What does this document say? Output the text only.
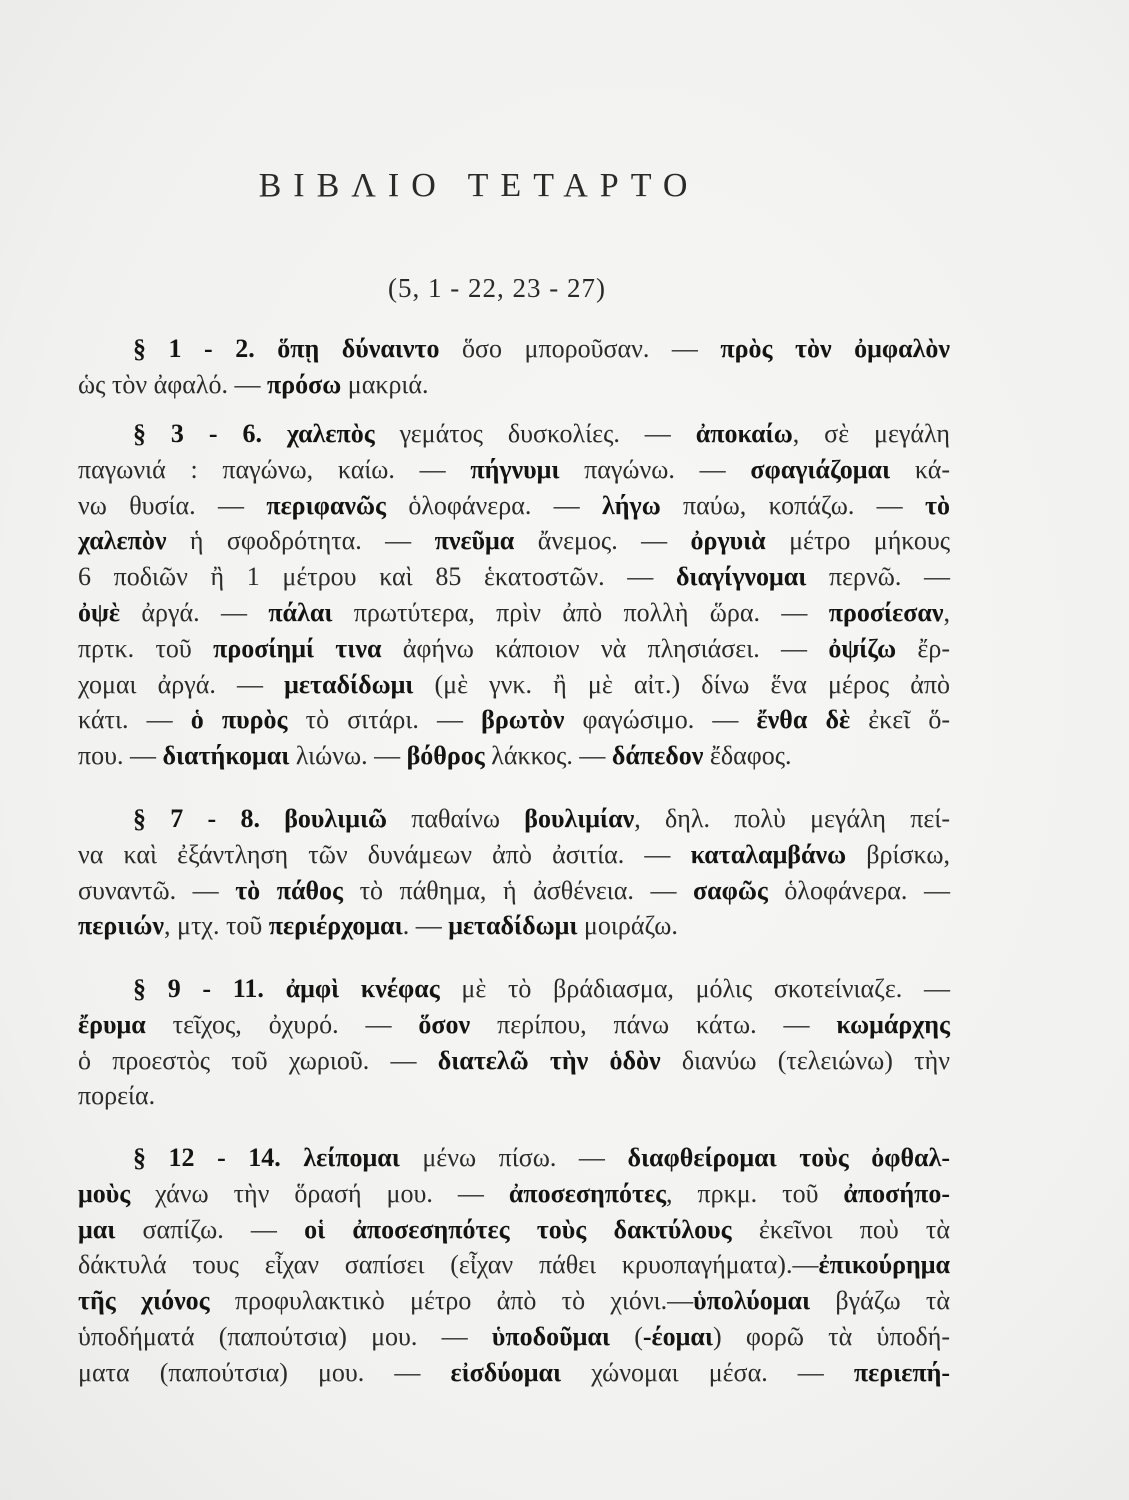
ΒΙΒΛΙΟ ΤΕΤΑΡΤΟ
(5, 1 - 22, 23 - 27)
§ 1 - 2. ὅπῃ δύναιντο ὅσο μποροῦσαν. — πρὸς τὸν ὀμφαλὸν
ὡς τὸν ἀφαλό. — πρόσω μακριά.
§ 3 - 6. χαλεπὸς γεμάτος δυσκολίες. — ἀποκαίω, σὲ μεγάλη
παγωνιά : παγώνω, καίω. — πήγνυμι παγώνω. — σφαγιάζομαι κά-
νω θυσία. — περιφανῶς ὁλοφάνερα. — λήγω παύω, κοπάζω. — τὸ
χαλεπὸν ἡ σφοδρότητα. — πνεῦμα ἄνεμος. — ὀργυιὰ μέτρο μήκους
6 ποδιῶν ἢ 1 μέτρου καὶ 85 ἑκατοστῶν. — διαγίγνομαι περνῶ. —
ὀψὲ ἀργά. — πάλαι πρωτύτερα, πρὶν ἀπὸ πολλὴ ὥρα. — προσίεσαν,
πρτκ. τοῦ προσίημί τινα ἀφήνω κάποιον νὰ πλησιάσει. — ὀψίζω ἔρ-
χομαι ἀργά. — μεταδίδωμι (μὲ γνκ. ἢ μὲ αἰτ.) δίνω ἕνα μέρος ἀπὸ
κάτι. — ὁ πυρὸς τὸ σιτάρι. — βρωτὸν φαγώσιμο. — ἔνθα δὲ ἐκεῖ ὅ-
που. — διατήκομαι λιώνω. — βόθρος λάκκος. — δάπεδον ἔδαφος.
§ 7 - 8. βουλιμιῶ παθαίνω βουλιμίαν, δηλ. πολὺ μεγάλη πεί-
να καὶ ἐξάντληση τῶν δυνάμεων ἀπὸ ἀσιτία. — καταλαμβάνω βρίσκω,
συναντῶ. — τὸ πάθος τὸ πάθημα, ἡ ἀσθένεια. — σαφῶς ὁλοφάνερα. —
περιιών, μτχ. τοῦ περιέρχομαι. — μεταδίδωμι μοιράζω.
§ 9 - 11. ἀμφὶ κνέφας μὲ τὸ βράδιασμα, μόλις σκοτείνιαζε. —
ἔρυμα τεῖχος, ὀχυρό. — ὅσον περίπου, πάνω κάτω. — κωμάρχης
ὁ προεστὸς τοῦ χωριοῦ. — διατελῶ τὴν ὁδὸν διανύω (τελειώνω) τὴν
πορεία.
§ 12 - 14. λείπομαι μένω πίσω. — διαφθείρομαι τοὺς ὀφθαλ-
μοὺς χάνω τὴν ὅρασή μου. — ἀποσεσηπότες, πρκμ. τοῦ ἀποσήπο-
μαι σαπίζω. — οἱ ἀποσεσηπότες τοὺς δακτύλους ἐκεῖνοι ποὺ τὰ
δάκτυλά τους εἶχαν σαπίσει (εἶχαν πάθει κρυοπαγήματα).—ἐπικούρημα
τῆς χιόνος προφυλακτικὸ μέτρο ἀπὸ τὸ χιόνι.—ὑπολύομαι βγάζω τὰ
ὑποδήματά (παπούτσια) μου. — ὑποδοῦμαι (-έομαι) φορῶ τὰ ὑποδή-
ματα (παπούτσια) μου. — εἰσδύομαι χώνομαι μέσα. — περιεπή-
